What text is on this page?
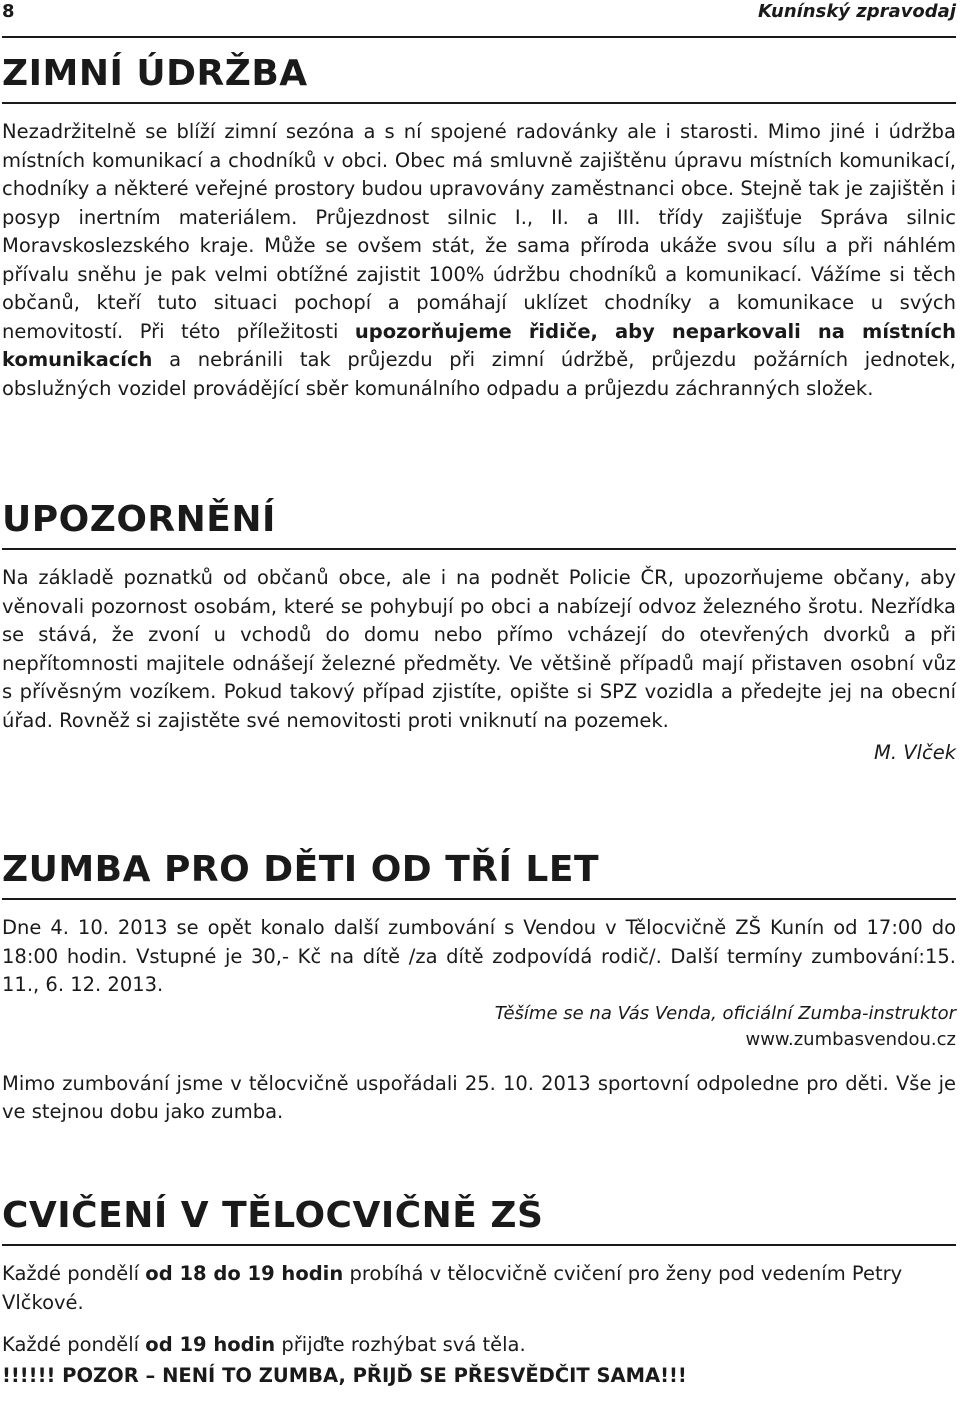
8	Kunínský zpravodaj
ZIMNÍ ÚDRŽBA

Nezadržitelně se blíží zimní sezóna a s ní spojené radovánky ale i starosti. Mimo jiné i údržba místních komunikací a chodníků v obci. Obec má smluvně zajištěnu úpravu místních komunikací, chodníky a některé veřejné prostory budou upravovány zaměstnanci obce. Stejně tak je zajištěn i posyp inertním materiálem. Průjezdnost silnic I., II. a III. třídy zajišťuje Správa silnic Moravskoslezského kraje. Může se ovšem stát, že sama příroda ukáže svou sílu a při náhlém přívalu sněhu je pak velmi obtížné zajistit 100% údržbu chodníků a komunikací. Vážíme si těch občanů, kteří tuto situaci pochopí a pomáhají uklízet chodníky a komunikace u svých nemovitostí. Při této příležitosti upozorňujeme řidiče, aby neparkovali na místních komunikacích a nebránili tak průjezdu při zimní údržbě, průjezdu požárních jednotek, obslužných vozidel provádějící sběr komunálního odpadu a průjezdu záchranných složek.

UPOZORNĚNÍ

Na základě poznatků od občanů obce, ale i na podnět Policie ČR, upozorňujeme občany, aby věnovali pozornost osobám, které se pohybují po obci a nabízejí odvoz železného šrotu. Nezřídka se stává, že zvoní u vchodů do domu nebo přímo vcházejí do otevřených dvorků a při nepřítomnosti majitele odnášejí železné předměty. Ve většině případů mají přistaven osobní vůz s přívěsným vozíkem. Pokud takový případ zjistíte, opište si SPZ vozidla a předejte jej na obecní úřad. Rovněž si zajistěte své nemovitosti proti vniknutí na pozemek.

M. Vlček
ZUMBA PRO DĚTI OD TŘÍ LET

Dne 4. 10. 2013 se opět konalo další zumbování s Vendou v Tělocvičně ZŠ Kunín od 17:00 do 18:00 hodin. Vstupné je 30,- Kč na dítě /za dítě zodpovídá rodič/. Další termíny zumbování:15. 11., 6. 12. 2013.

Těšíme se na Vás Venda, oficiální Zumba-instruktor
www.zumbasvendou.cz

Mimo zumbování jsme v tělocvičně uspořádali 25. 10. 2013 sportovní odpoledne pro děti. Vše je ve stejnou dobu jako zumba.

CVIČENÍ V TĚLOCVIČNĚ ZŠ

Každé pondělí od 18 do 19 hodin probíhá v tělocvičně cvičení pro ženy pod vedením Petry Vlčkové.

Každé pondělí od 19 hodin přijďte rozhýbat svá těla.

!!!!!! POZOR – NENÍ TO ZUMBA, PŘIJĎ SE PŘESVĚDČIT SAMA!!!
